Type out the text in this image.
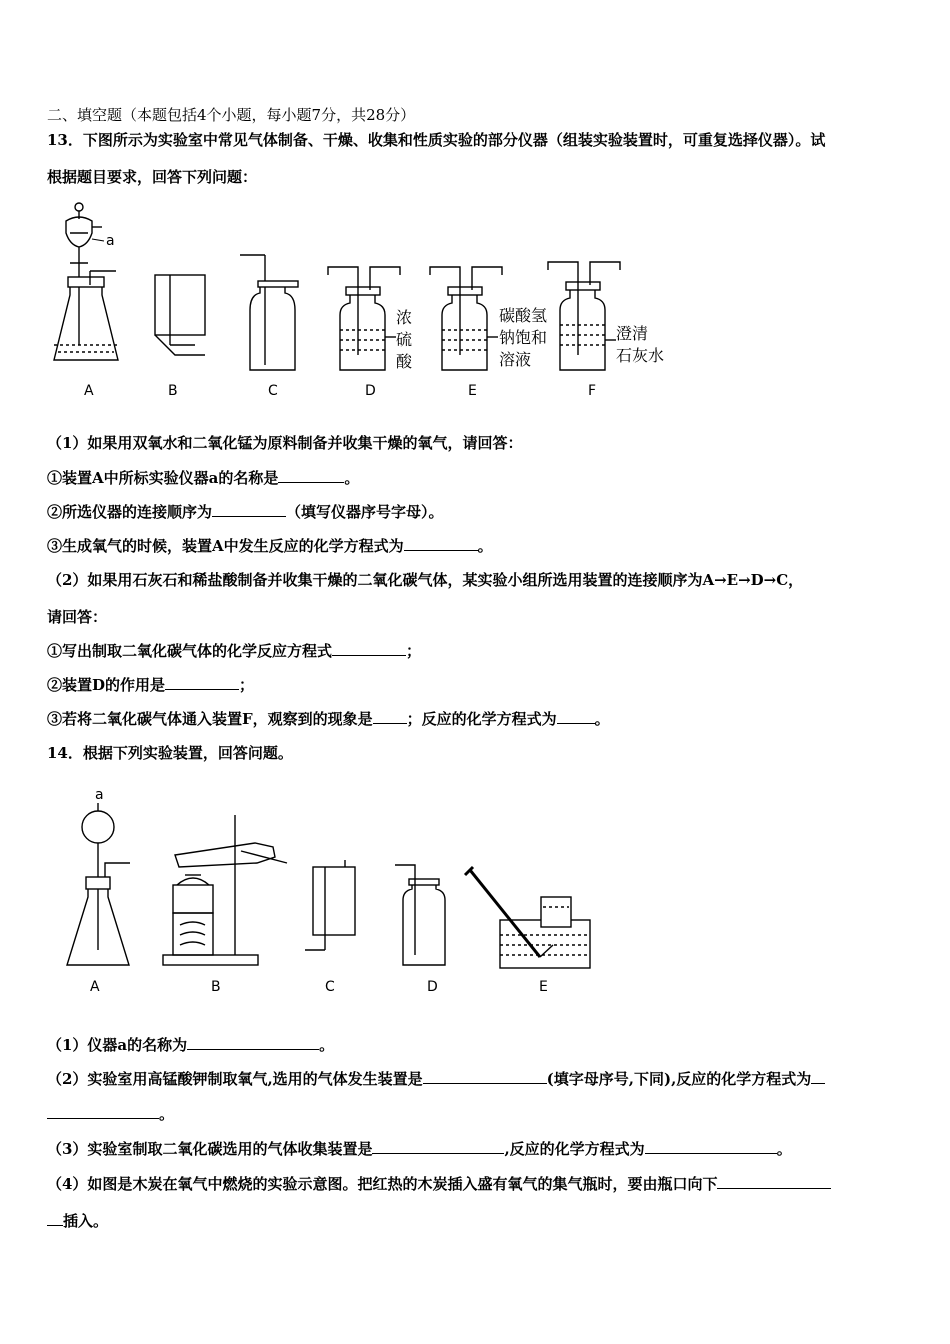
二、填空题（本题包括4个小题，每小题7分，共28分）
13．下图所示为实验室中常见气体制备、干燥、收集和性质实验的部分仪器（组装实验装置时，可重复选择仪器）。试
根据题目要求，回答下列问题：
a
浓
硫
酸
碳酸氢
钠饱和
溶液
澄清
石灰水
A	B	C	D	E	F
（1）如果用双氧水和二氧化锰为原料制备并收集干燥的氧气，请回答：
①装置A中所标实验仪器a的名称是	。
②所选仪器的连接顺序为	（填写仪器序号字母）。
③生成氧气的时候，装置A中发生反应的化学方程式为	。
（2）如果用石灰石和稀盐酸制备并收集干燥的二氧化碳气体，某实验小组所选用装置的连接顺序为A→E→D→C，
请回答：
①写出制取二氧化碳气体的化学反应方程式	；
②装置D的作用是	；
③若将二氧化碳气体通入装置F，观察到的现象是 ；反应的化学方程式为	。
14．根据下列实验装置，回答问题。
a
A	B	C	D	E
（1）仪器a的名称为	。
（2）实验室用高锰酸钾制取氧气,选用的气体发生装置是	(填字母序号,下同),反应的化学方程式为
。
（3）实验室制取二氧化碳选用的气体收集装置是	,反应的化学方程式为	。
（4）如图是木炭在氧气中燃烧的实验示意图。把红热的木炭插入盛有氧气的集气瓶时，要由瓶口向下
插入。
